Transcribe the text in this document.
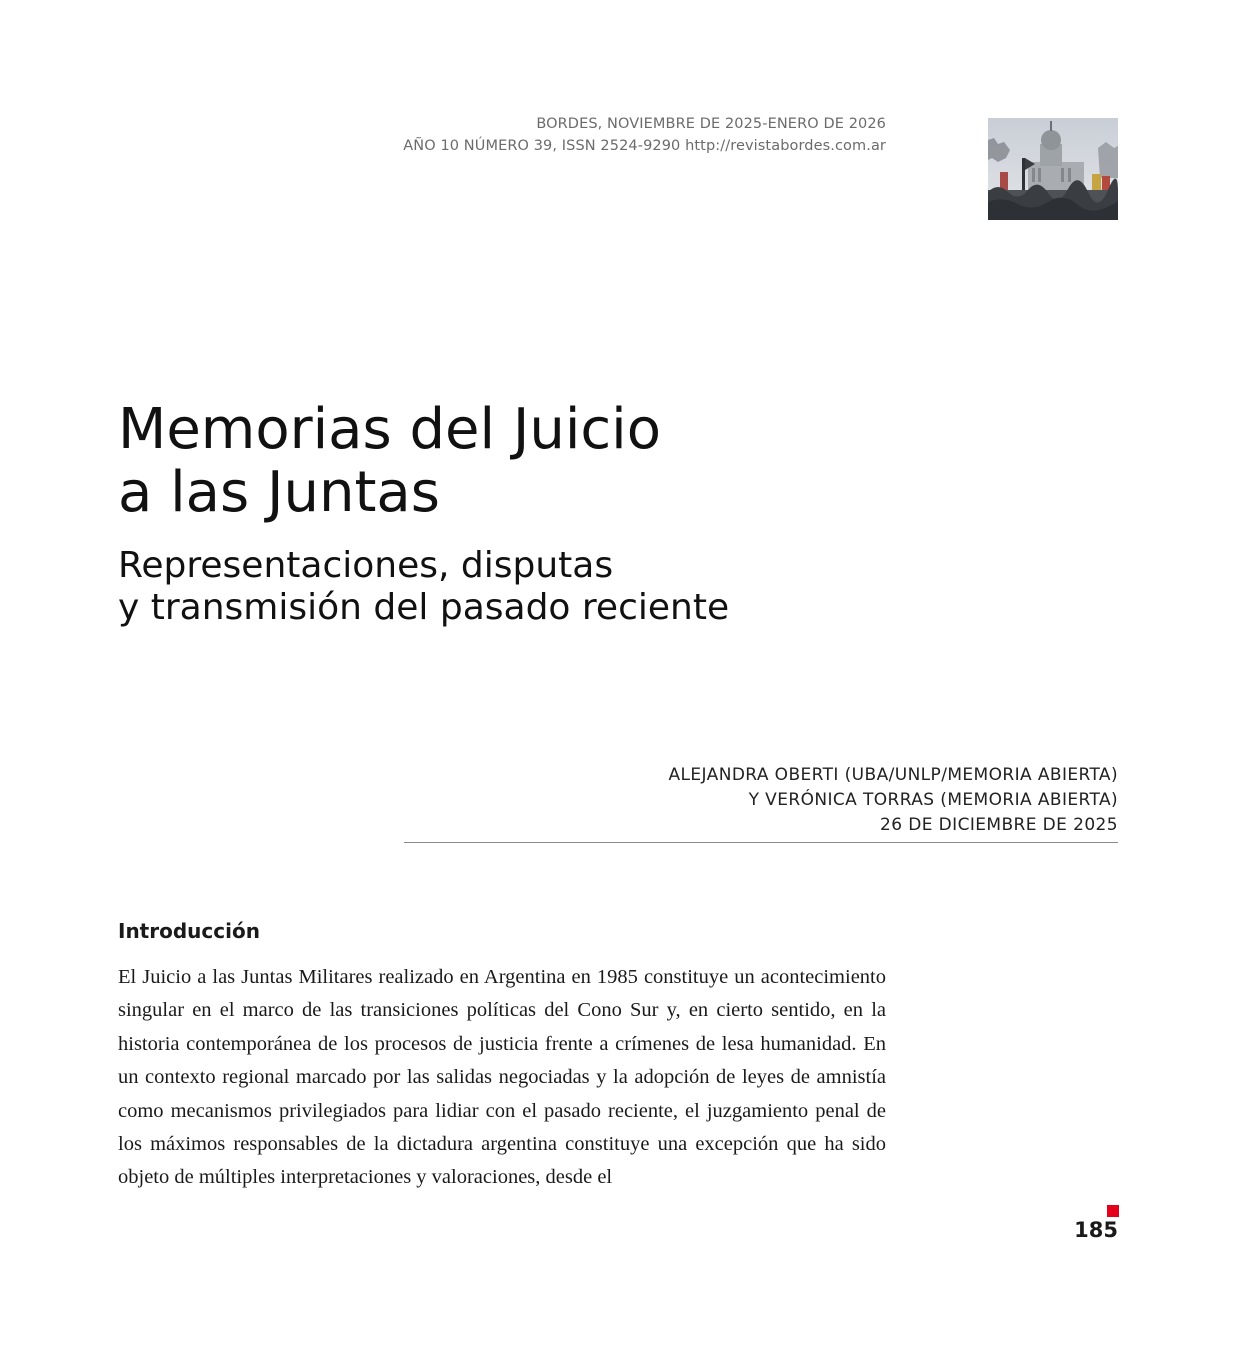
BORDES, NOVIEMBRE DE 2025-ENERO DE 2026
AÑO 10 NÚMERO 39, ISSN 2524-9290 http://revistabordes.com.ar
Memorias del Juicio
a las Juntas
Representaciones, disputas
y transmisión del pasado reciente
ALEJANDRA OBERTI (UBA/UNLP/MEMORIA ABIERTA)
Y VERÓNICA TORRAS (MEMORIA ABIERTA)
26 DE DICIEMBRE DE 2025
Introducción

El Juicio a las Juntas Militares realizado en Argentina en 1985 constituye un acontecimiento singular en el marco de las transiciones políticas del Cono Sur y, en cierto sentido, en la historia contemporánea de los procesos de justicia frente a crímenes de lesa humanidad. En un contexto regional marcado por las salidas negociadas y la adopción de leyes de amnistía como mecanismos privilegiados para lidiar con el pasado reciente, el juzgamiento penal de los máximos responsables de la dictadura argentina constituye una excepción que ha sido objeto de múltiples interpretaciones y valoraciones, desde el

185
